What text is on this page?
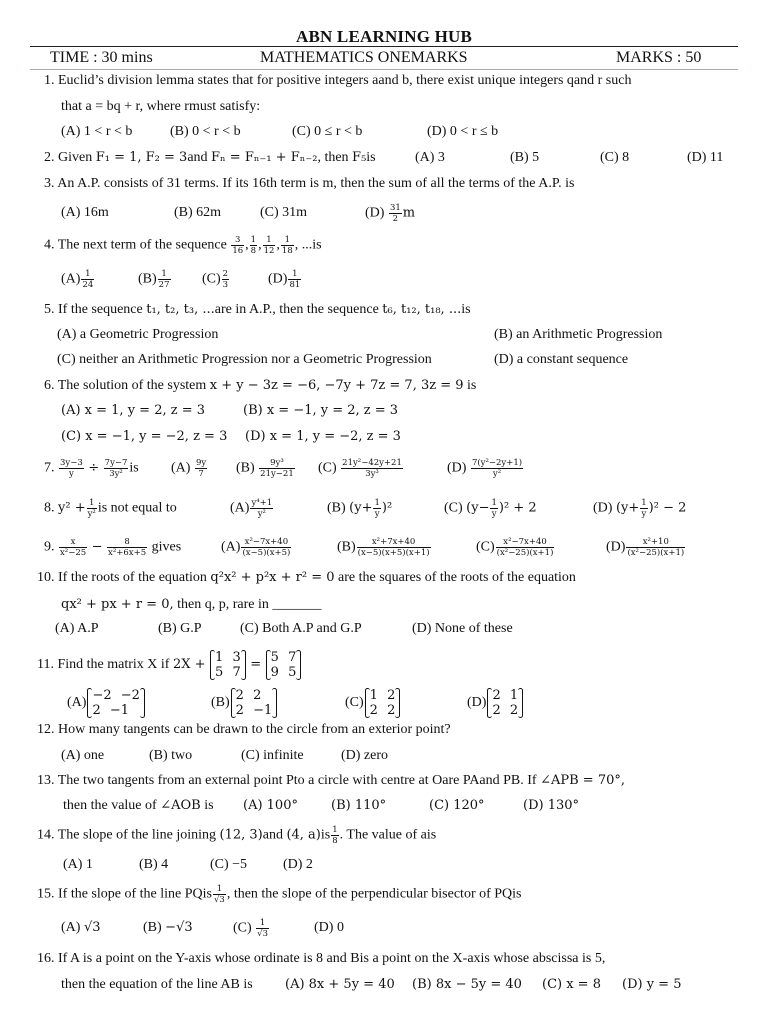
ABN LEARNING HUB
TIME : 30 mins	MATHEMATICS ONEMARKS	MARKS : 50
1. Euclid’s division lemma states that for positive integers aand b, there exist unique integers qand r such
that a = bq + r, where rmust satisfy:
(A) 1 < r < b	(B) 0 < r < b	(C) 0 ≤ r < b	(D) 0 < r ≤ b
2. Given F₁ = 1, F₂ = 3and Fₙ = Fₙ₋₁ + Fₙ₋₂, then F₅is	(A) 3	(B) 5	(C) 8	(D) 11
3. An A.P. consists of 31 terms. If its 16th term is m, then the sum of all the terms of the A.P. is
(A) 16m	(B) 62m	(C) 31m	$(D) \frac{31}{2}$ m
4. The next term of the sequence $\frac{3}{16}$ , $\frac{1}{8}$ , $\frac{1}{12}$ , $\frac{1}{18}$ , ...is
$(A) \frac{1}{24}$	$(B) \frac{1}{27} (C) \frac{2}{3}$	$(D) \frac{1}{81}$
5. If the sequence t₁, t₂, t₃, ...are in A.P., then the sequence t₆, t₁₂, t₁₈, ...is
(A) a Geometric Progression	(B) an Arithmetic Progression
(C) neither an Arithmetic Progression nor a Geometric Progression	(D) a constant sequence
6. The solution of the system x + y − 3z = −6, −7y + 7z = 7, 3z = 9 is
(A) x = 1, y = 2, z = 3	(B) x = −1, y = 2, z = 3
(C) x = −1, y = −2, z = 3 (D) x = 1, y = −2, z = 3
7. $\frac{3y-3}{y} \div \frac{7y-7}{\text{3y²}}$ is $(A) \frac{9y}{7} (B) \frac{\text{9y³}}{21y-21} (C) \frac{\text{21y²−42y+21}}{\text{3y³}}$	$(D) \frac{\text{7(y²−2y+1)}}{\text{y²}}$
8. $y^2 + \frac{1}{\text{y²}}$ is not equal to	$(A) \frac{\text{y⁴+1}}{\text{y²}}$	(B) $(y+ \frac{1}{y} )^2$	(C) $(y- \frac{1}{y} )^2 + 2$	(D) $(y+ \frac{1}{y} )^2 - 2$
9. $\frac{x}{\text{x²−25}} - \frac{8}{\text{x²+6x+5}}$ gives	$(A) \frac{\text{x²−7x+40}}{(x-5)(x+5)}$	$(B) \frac{\text{x²+7x+40}}{(x-5)(x+5)(x+1)}$	$(C) \frac{\text{x²−7x+40}}{\text{(x²−25)(x+1)}}$	$(D) \frac{\text{x²+10}}{\text{(x²−25)(x+1)}}$
10. If the roots of the equation q²x² + p²x + r² = 0 are the squares of the roots of the equation
qx² + px + r = 0, then q, p, rare in _______
(A) A.P	(B) G.P	(C) Both A.P and G.P	(D) None of these
11. Find the matrix X if 2X + 1 3
5 7
= 5 7
9 5
(A) −2 −2
2 −1
(B) 2 2
2 −1
(C) 1 2
2 2
(D) 2 1
2 2
12. How many tangents can be drawn to the circle from an exterior point?
(A) one	(B) two	(C) infinite	(D) zero
13. The two tangents from an external point Pto a circle with centre at Oare PAand PB. If ∠APB = 70°,
then the value of ∠AOB is (A) 100°	(B) 110°	(C) 120°	(D) 130°
14. The slope of the line joining (12, 3)and (4, $a)is \frac{1}{8}$ . The value of ais
(A) 1	(B) 4	(C) −5	(D) 2
15. If the slope of the line PQis $\frac{1}{√3}$ , then the slope of the perpendicular bisector of PQis
(A) √3	(B) −√3	$(C) \frac{1}{√3}$	(D) 0
16. If A is a point on the Y-axis whose ordinate is 8 and Bis a point on the X-axis whose abscissa is 5,
then the equation of the line AB is (A) 8x + 5y = 40 (B) 8x − 5y = 40 (C) x = 8 (D) y = 5
